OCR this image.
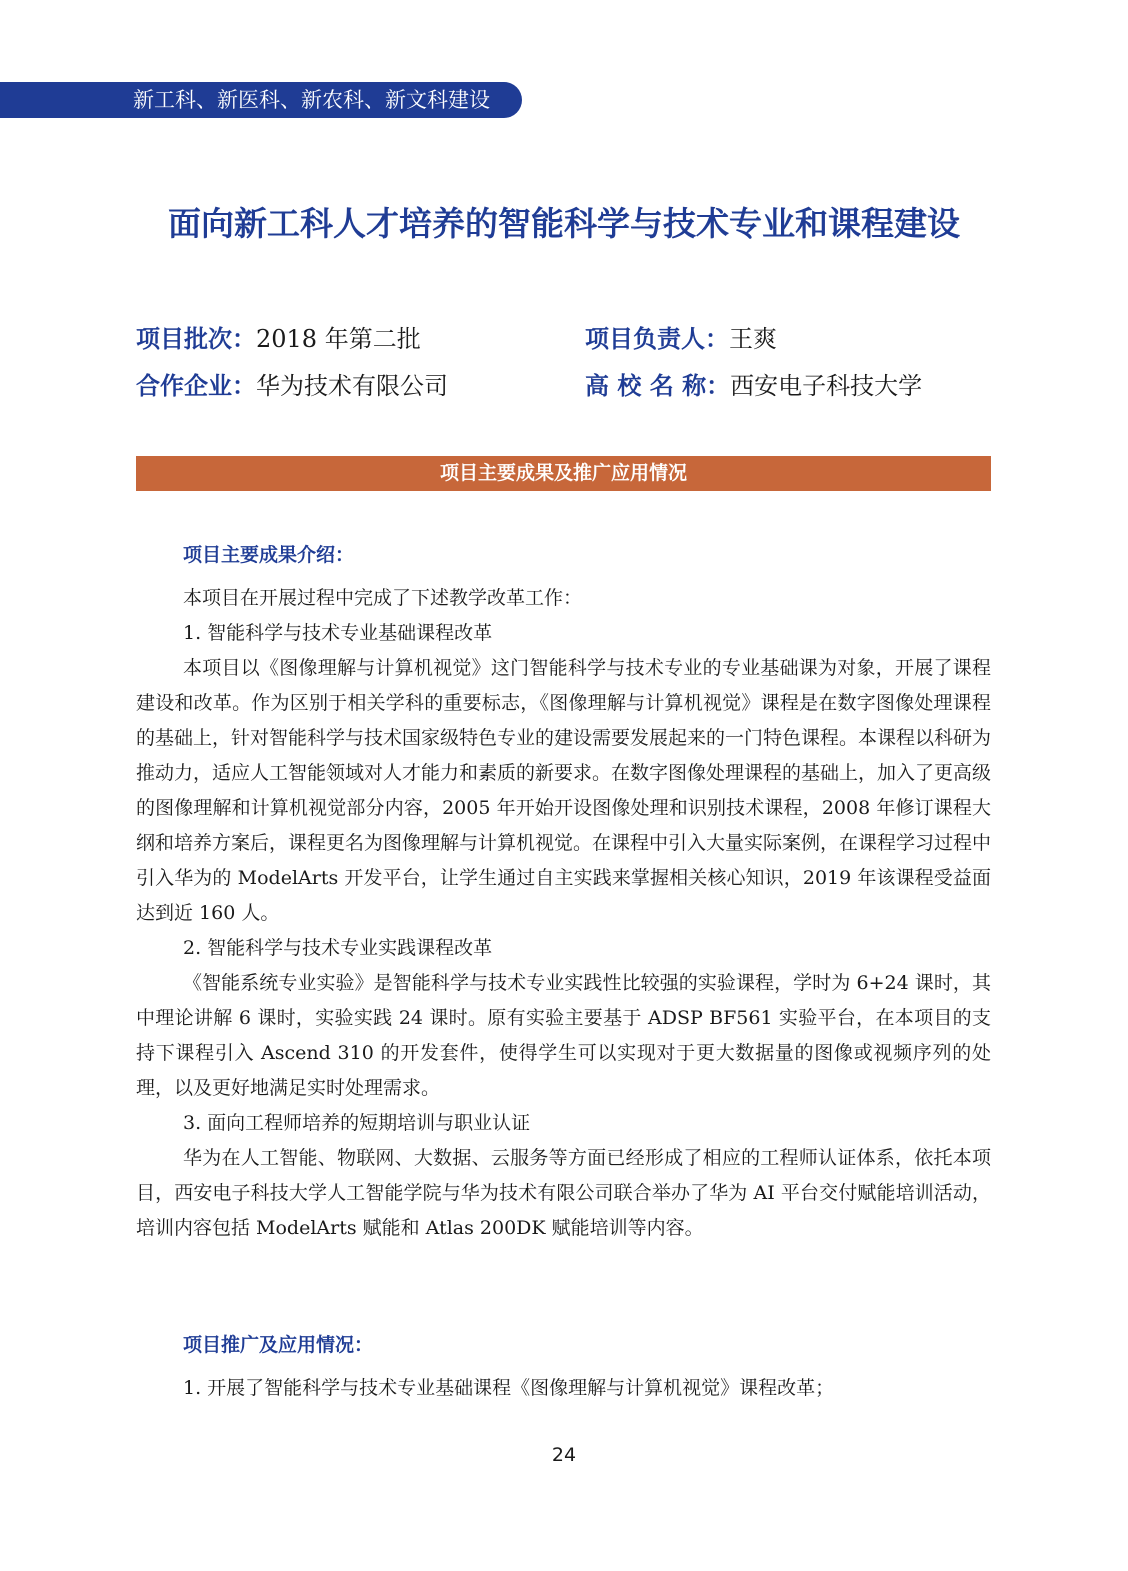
新工科、新医科、新农科、新文科建设
面向新工科人才培养的智能科学与技术专业和课程建设
项目批次：2018 年第二批	项目负责人：王爽
合作企业：华为技术有限公司	高 校 名 称：西安电子科技大学
项目主要成果及推广应用情况
项目主要成果介绍：

本项目在开展过程中完成了下述教学改革工作：

1. 智能科学与技术专业基础课程改革

本项目以《图像理解与计算机视觉》这门智能科学与技术专业的专业基础课为对象，开展了课程建设和改革。作为区别于相关学科的重要标志，《图像理解与计算机视觉》课程是在数字图像处理课程的基础上，针对智能科学与技术国家级特色专业的建设需要发展起来的一门特色课程。本课程以科研为推动力，适应人工智能领域对人才能力和素质的新要求。在数字图像处理课程的基础上，加入了更高级的图像理解和计算机视觉部分内容，2005 年开始开设图像处理和识别技术课程，2008 年修订课程大纲和培养方案后，课程更名为图像理解与计算机视觉。在课程中引入大量实际案例，在课程学习过程中引入华为的 ModelArts 开发平台，让学生通过自主实践来掌握相关核心知识，2019 年该课程受益面达到近 160 人。

2. 智能科学与技术专业实践课程改革

《智能系统专业实验》是智能科学与技术专业实践性比较强的实验课程，学时为 6+24 课时，其中理论讲解 6 课时，实验实践 24 课时。原有实验主要基于 ADSP BF561 实验平台，在本项目的支持下课程引入 Ascend 310 的开发套件，使得学生可以实现对于更大数据量的图像或视频序列的处理，以及更好地满足实时处理需求。

3. 面向工程师培养的短期培训与职业认证

华为在人工智能、物联网、大数据、云服务等方面已经形成了相应的工程师认证体系，依托本项目，西安电子科技大学人工智能学院与华为技术有限公司联合举办了华为 AI 平台交付赋能培训活动，培训内容包括 ModelArts 赋能和 Atlas 200DK 赋能培训等内容。

项目推广及应用情况：

1. 开展了智能科学与技术专业基础课程《图像理解与计算机视觉》课程改革；

24
